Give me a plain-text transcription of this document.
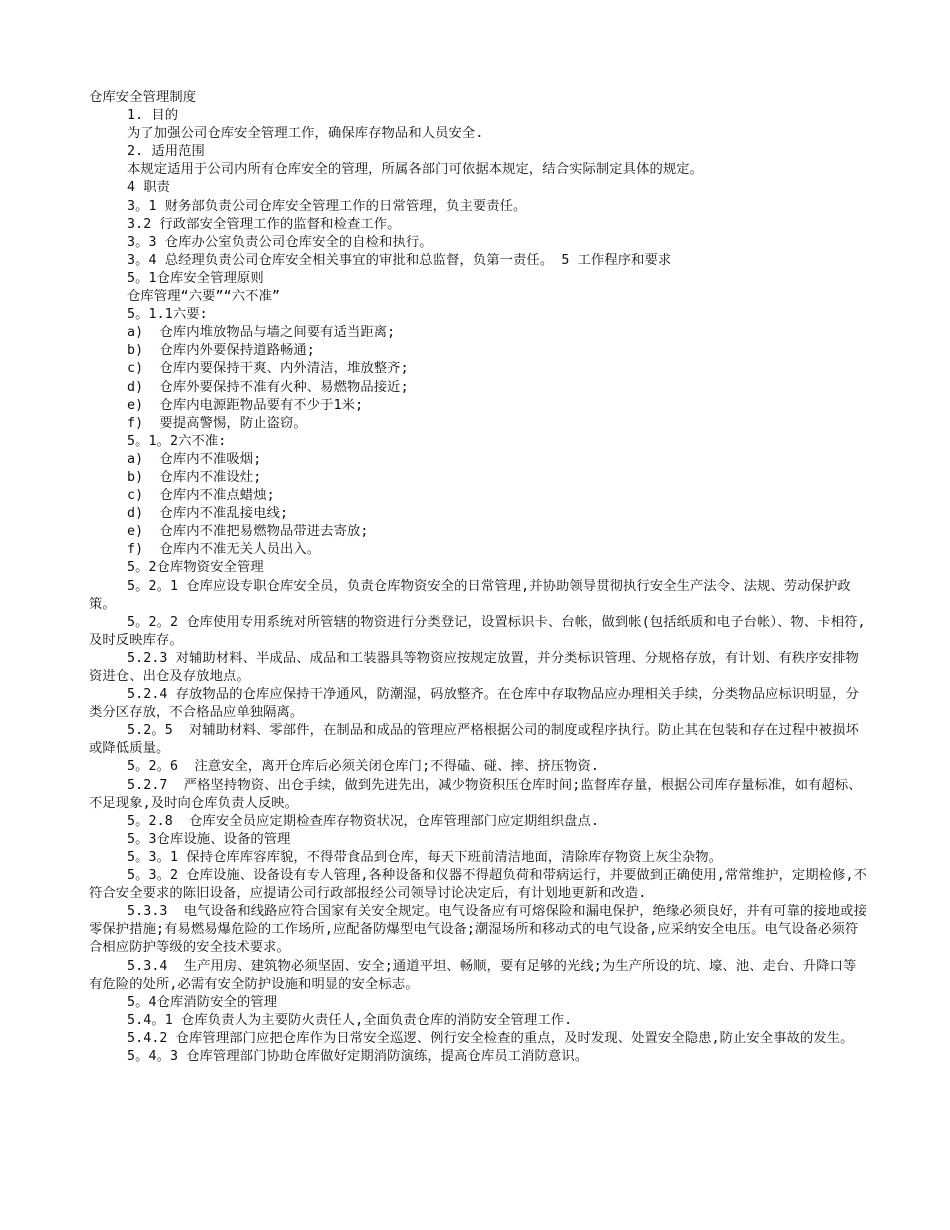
仓库安全管理制度

1. 目的

为了加强公司仓库安全管理工作，确保库存物品和人员安全.

2. 适用范围

本规定适用于公司内所有仓库安全的管理，所属各部门可依据本规定，结合实际制定具体的规定。

4 职责

3。1 财务部负责公司仓库安全管理工作的日常管理，负主要责任。

3.2 行政部安全管理工作的监督和检查工作。

3。3 仓库办公室负责公司仓库安全的自检和执行。

3。4 总经理负责公司仓库安全相关事宜的审批和总监督，负第一责任。 5 工作程序和要求

5。1仓库安全管理原则

仓库管理“六要”“六不准”

5。1.1六要:

a)  仓库内堆放物品与墙之间要有适当距离;

b)  仓库内外要保持道路畅通;

c)  仓库内要保持干爽、内外清洁，堆放整齐;

d)  仓库外要保持不准有火种、易燃物品接近;

e)  仓库内电源距物品要有不少于1米;

f)  要提高警惕，防止盗窃。

5。1。2六不准:

a)  仓库内不准吸烟;

b)  仓库内不准设灶;

c)  仓库内不准点蜡烛;

d)  仓库内不准乱接电线;

e)  仓库内不准把易燃物品带进去寄放;

f)  仓库内不准无关人员出入。

5。2仓库物资安全管理

5。2。1 仓库应设专职仓库安全员，负责仓库物资安全的日常管理,并协助领导贯彻执行安全生产法令、法规、劳动保护政策。

5。2。2 仓库使用专用系统对所管辖的物资进行分类登记，设置标识卡、台帐，做到帐(包括纸质和电子台帐）、物、卡相符,及时反映库存。

5.2.3 对辅助材料、半成品、成品和工装器具等物资应按规定放置，并分类标识管理、分规格存放，有计划、有秩序安排物资进仓、出仓及存放地点。

5.2.4 存放物品的仓库应保持干净通风，防潮湿，码放整齐。在仓库中存取物品应办理相关手续，分类物品应标识明显，分类分区存放，不合格品应单独隔离。

5.2。5  对辅助材料、零部件，在制品和成品的管理应严格根据公司的制度或程序执行。防止其在包装和存在过程中被损坏或降低质量。

5。2。6  注意安全，离开仓库后必须关闭仓库门;不得磕、碰、摔、挤压物资.

5.2.7  严格坚持物资、出仓手续，做到先进先出，减少物资积压仓库时间;监督库存量，根据公司库存量标准，如有超标、不足现象,及时向仓库负责人反映。

5。2.8  仓库安全员应定期检查库存物资状况，仓库管理部门应定期组织盘点.

5。3仓库设施、设备的管理

5。3。1 保持仓库库容库貌，不得带食品到仓库，每天下班前清洁地面，清除库存物资上灰尘杂物。

5。3。2 仓库设施、设备设有专人管理,各种设备和仪器不得超负荷和带病运行，并要做到正确使用,常常维护，定期检修,不符合安全要求的陈旧设备，应提请公司行政部报经公司领导讨论决定后，有计划地更新和改造.

5.3.3  电气设备和线路应符合国家有关安全规定。电气设备应有可熔保险和漏电保护，绝缘必须良好，并有可靠的接地或接零保护措施;有易燃易爆危险的工作场所,应配备防爆型电气设备;潮湿场所和移动式的电气设备,应采纳安全电压。电气设备必须符合相应防护等级的安全技术要求。

5.3.4  生产用房、建筑物必须坚固、安全;通道平坦、畅顺，要有足够的光线;为生产所设的坑、壕、池、走台、升降口等有危险的处所,必需有安全防护设施和明显的安全标志。

5。4仓库消防安全的管理

5.4。1 仓库负责人为主要防火责任人,全面负责仓库的消防安全管理工作.

5.4.2 仓库管理部门应把仓库作为日常安全巡逻、例行安全检查的重点，及时发现、处置安全隐患,防止安全事故的发生。

5。4。3 仓库管理部门协助仓库做好定期消防演练，提高仓库员工消防意识。
